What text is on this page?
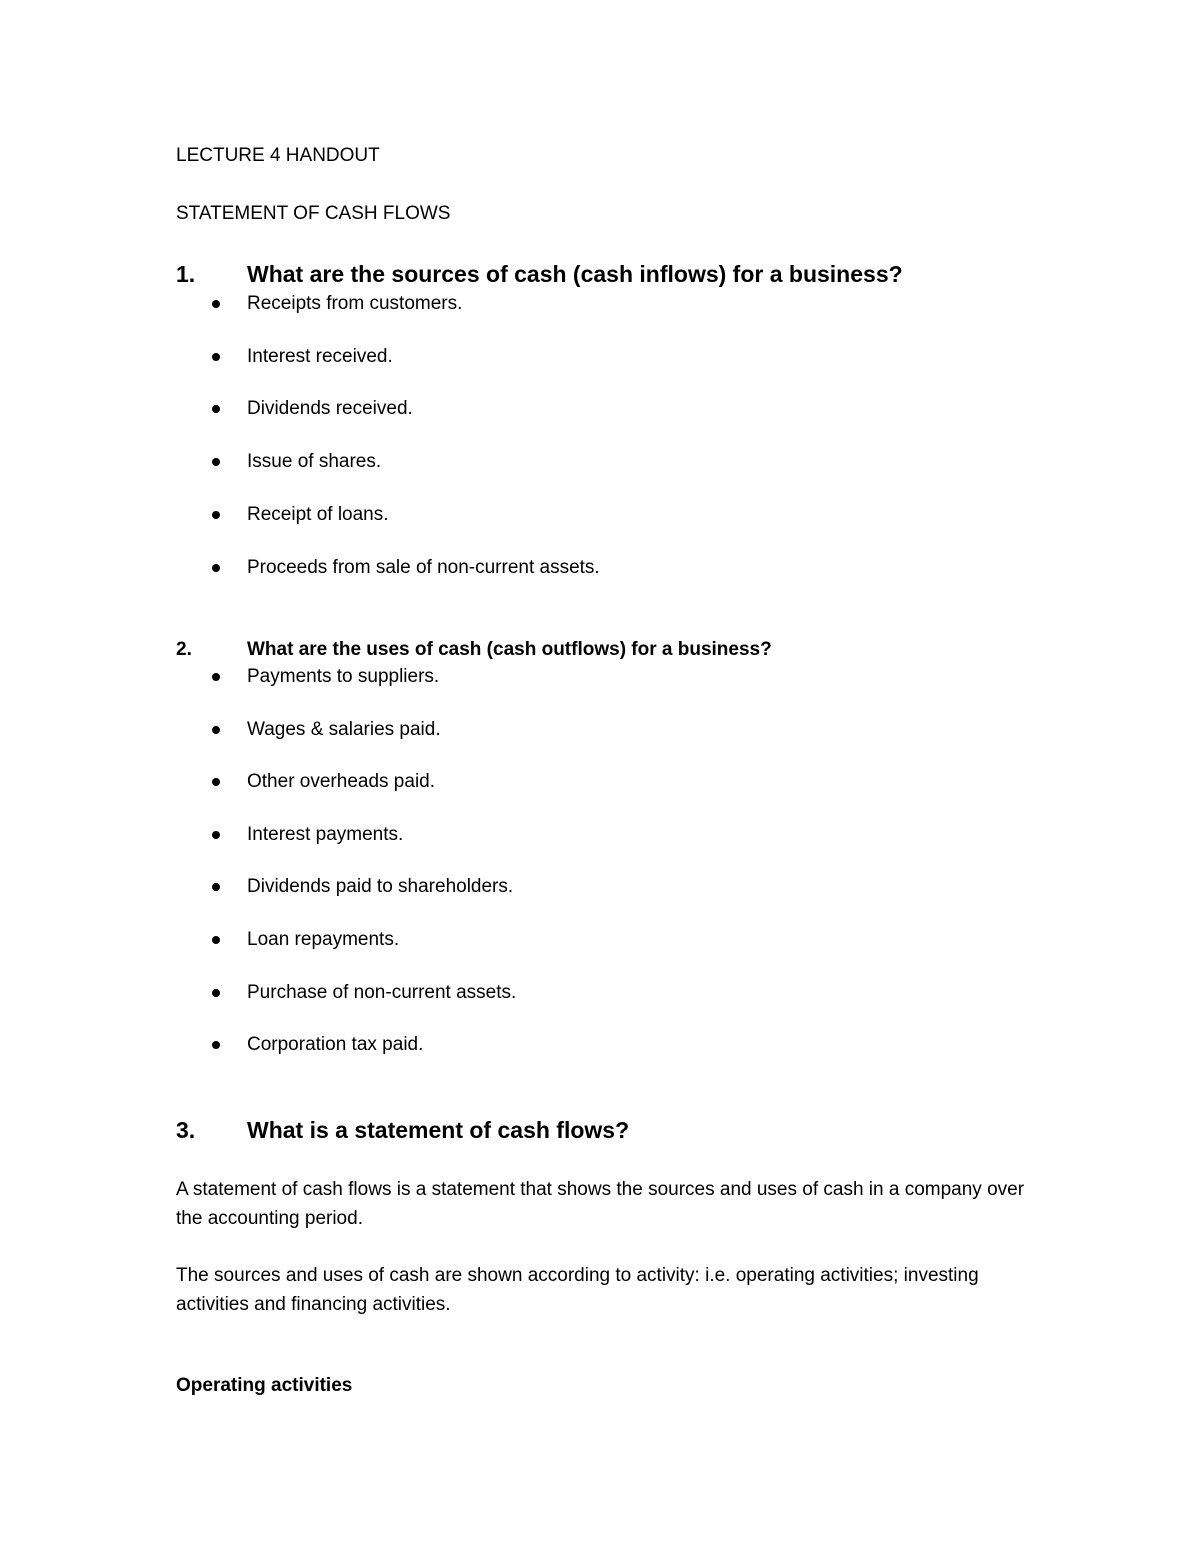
LECTURE 4 HANDOUT
STATEMENT OF CASH FLOWS
1. What are the sources of cash (cash inflows) for a business?
Receipts from customers.
Interest received.
Dividends received.
Issue of shares.
Receipt of loans.
Proceeds from sale of non-current assets.
2.	What are the uses of cash (cash outflows) for a business?
Payments to suppliers.
Wages & salaries paid.
Other overheads paid.
Interest payments.
Dividends paid to shareholders.
Loan repayments.
Purchase of non-current assets.
Corporation tax paid.
3. What is a statement of cash flows?
A statement of cash flows is a statement that shows the sources and uses of cash in a company over the accounting period.
The sources and uses of cash are shown according to activity: i.e. operating activities; investing activities and financing activities.
Operating activities
